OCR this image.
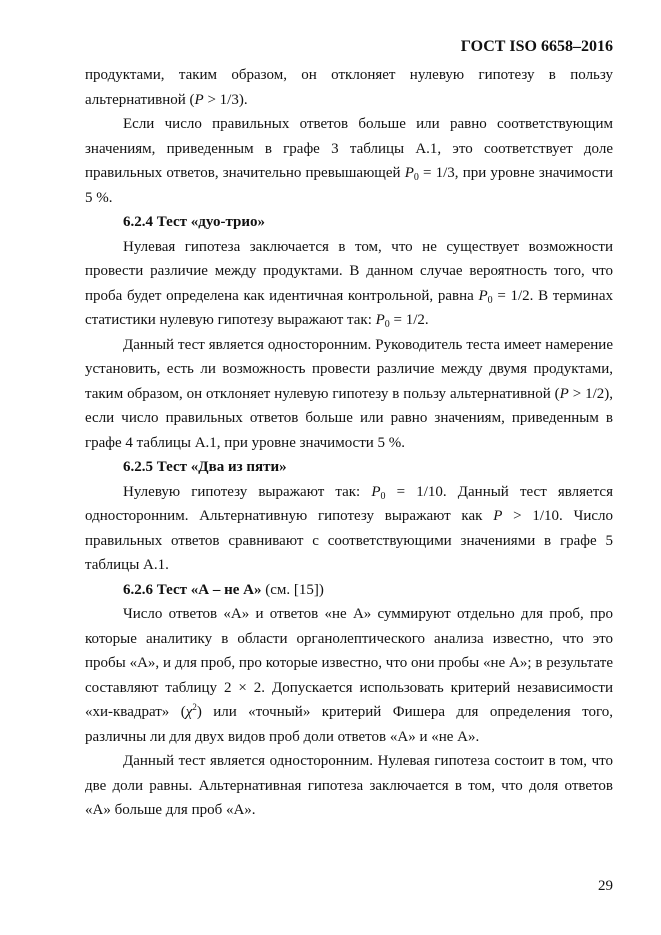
ГОСТ ISO 6658–2016

продуктами, таким образом, он отклоняет нулевую гипотезу в пользу альтернативной (P > 1/3).

Если число правильных ответов больше или равно соответствующим значениям, приведенным в графе 3 таблицы А.1, это соответствует доле правильных ответов, значительно превышающей $P_0 = 1/3$, при уровне значимости 5 %.

6.2.4 Тест «дуо-трио»

Нулевая гипотеза заключается в том, что не существует возможности провести различие между продуктами. В данном случае вероятность того, что проба будет определена как идентичная контрольной, равна $P_0 = 1/2$. В терминах статистики нулевую гипотезу выражают так: $P_0 = 1/2$.

Данный тест является односторонним. Руководитель теста имеет намерение установить, есть ли возможность провести различие между двумя продуктами, таким образом, он отклоняет нулевую гипотезу в пользу альтернативной (P > 1/2), если число правильных ответов больше или равно значениям, приведенным в графе 4 таблицы А.1, при уровне значимости 5 %.

6.2.5 Тест «Два из пяти»

Нулевую гипотезу выражают так: $P_0 = 1/10$. Данный тест является односторонним. Альтернативную гипотезу выражают как P > 1/10. Число правильных ответов сравнивают с соответствующими значениями в графе 5 таблицы А.1.

6.2.6 Тест «А – не А» (см. [15])

Число ответов «А» и ответов «не А» суммируют отдельно для проб, про которые аналитику в области органолептического анализа известно, что это пробы «А», и для проб, про которые известно, что они пробы «не А»; в результате составляют таблицу 2 × 2. Допускается использовать критерий независимости «хи-квадрат» $(\chi^2)$ или «точный» критерий Фишера для определения того, различны ли для двух видов проб доли ответов «А» и «не А».

Данный тест является односторонним. Нулевая гипотеза состоит в том, что две доли равны. Альтернативная гипотеза заключается в том, что доля ответов «А» больше для проб «А».

29
